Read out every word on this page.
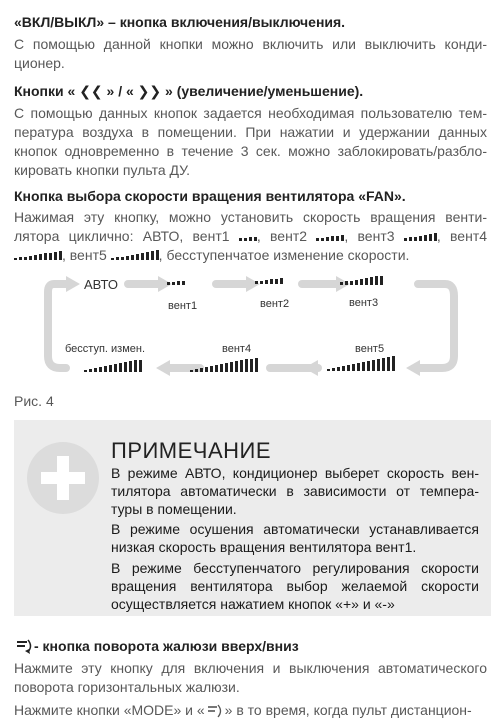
«ВКЛ/ВЫКЛ» – кнопка включения/выключения.
С помощью данной кнопки можно включить или выключить конди-
ционер.
Кнопки « ❮❮ » / « ❯❯ » (увеличение/уменьшение).
С помощью данных кнопок задается необходимая пользователю тем-
пература воздуха в помещении. При нажатии и удержании данных
кнопок одновременно в течение 3 сек. можно заблокировать/разбло-
кировать кнопки пульта ДУ.
Кнопка выбора скорости вращения вентилятора «FAN».
Нажимая эту кнопку, можно установить скорость вращения венти-
лятора циклично: АВТО, вент1 , вент2	, вент3	, вент4
, вент5	, бесступенчатое изменение скорости.
АВТО
вент1	вент2	вент3
бесступ. измен.	вент4	вент5
Рис. 4
ПРИМЕЧАНИЕ
В режиме АВТО, кондиционер выберет скорость вен-
тилятора автоматически в зависимости от темпера-
туры в помещении.
В режиме осушения автоматически устанавливается
низкая скорость вращения вентилятора вент1.
В режиме бесступенчатого регулирования скорости
вращения вентилятора выбор желаемой скорости
осуществляется нажатием кнопок «+» и «-»
- кнопка поворота жалюзи вверх/вниз
Нажмите эту кнопку для включения и выключения автоматического
поворота горизонтальных жалюзи.
Нажмите кнопки «MODE» и « » в то время, когда пульт дистанцион-
